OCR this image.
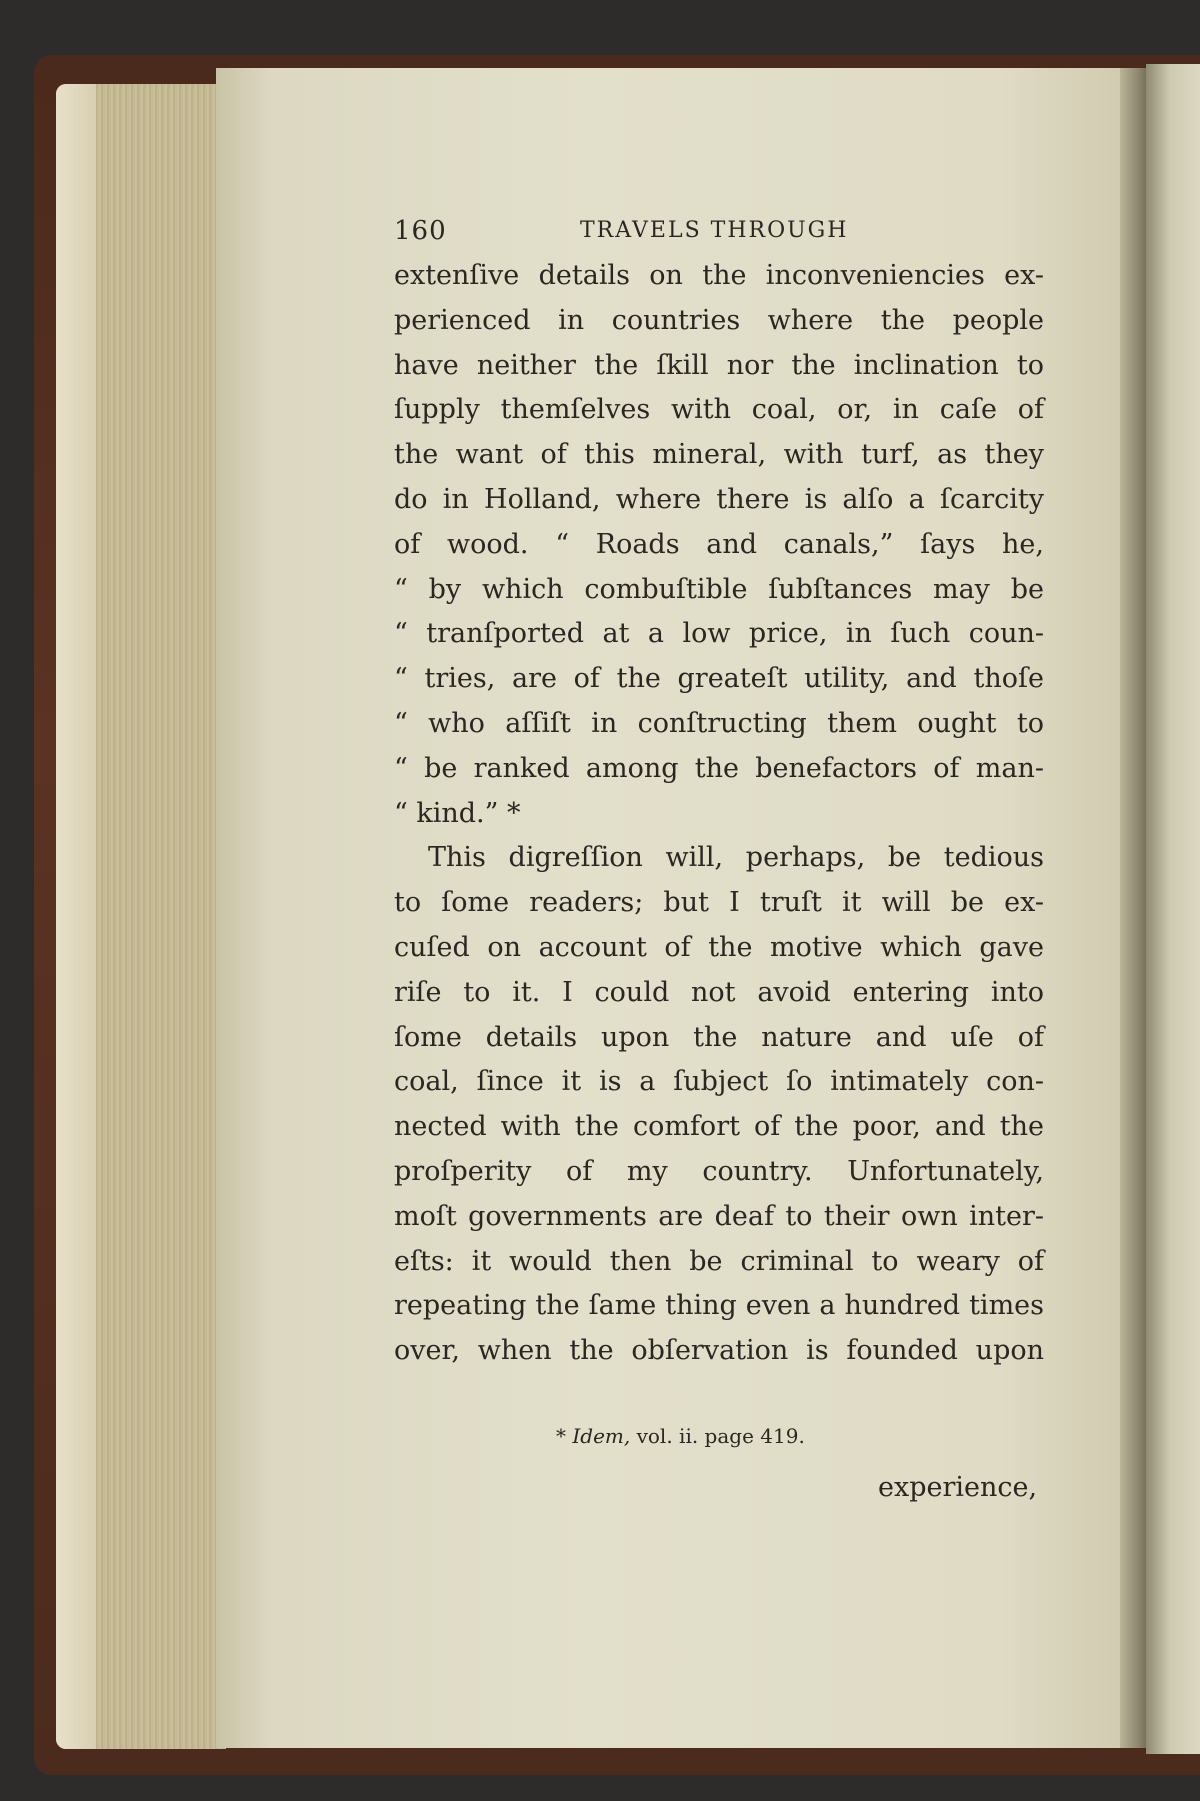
160	TRAVELS THROUGH
extenſive details on the inconveniencies ex-
perienced in countries where the people
have neither the ſkill nor the inclination to
ſupply themſelves with coal, or, in caſe of
the want of this mineral, with turf, as they
do in Holland, where there is alſo a ſcarcity
of wood. “ Roads and canals,” ſays he,
“ by which combuſtible ſubſtances may be
“ tranſported at a low price, in ſuch coun-
“ tries, are of the greateſt utility, and thoſe
“ who aſſiſt in conſtructing them ought to
“ be ranked among the benefactors of man-
“ kind.” *
This digreſſion will, perhaps, be tedious
to ſome readers; but I truſt it will be ex-
cuſed on account of the motive which gave
riſe to it. I could not avoid entering into
ſome details upon the nature and uſe of
coal, ſince it is a ſubject ſo intimately con-
nected with the comfort of the poor, and the
proſperity of my country. Unfortunately,
moſt governments are deaf to their own inter-
eſts: it would then be criminal to weary of
repeating the ſame thing even a hundred times
over, when the obſervation is founded upon
* Idem, vol. ii. page 419.
experience,
